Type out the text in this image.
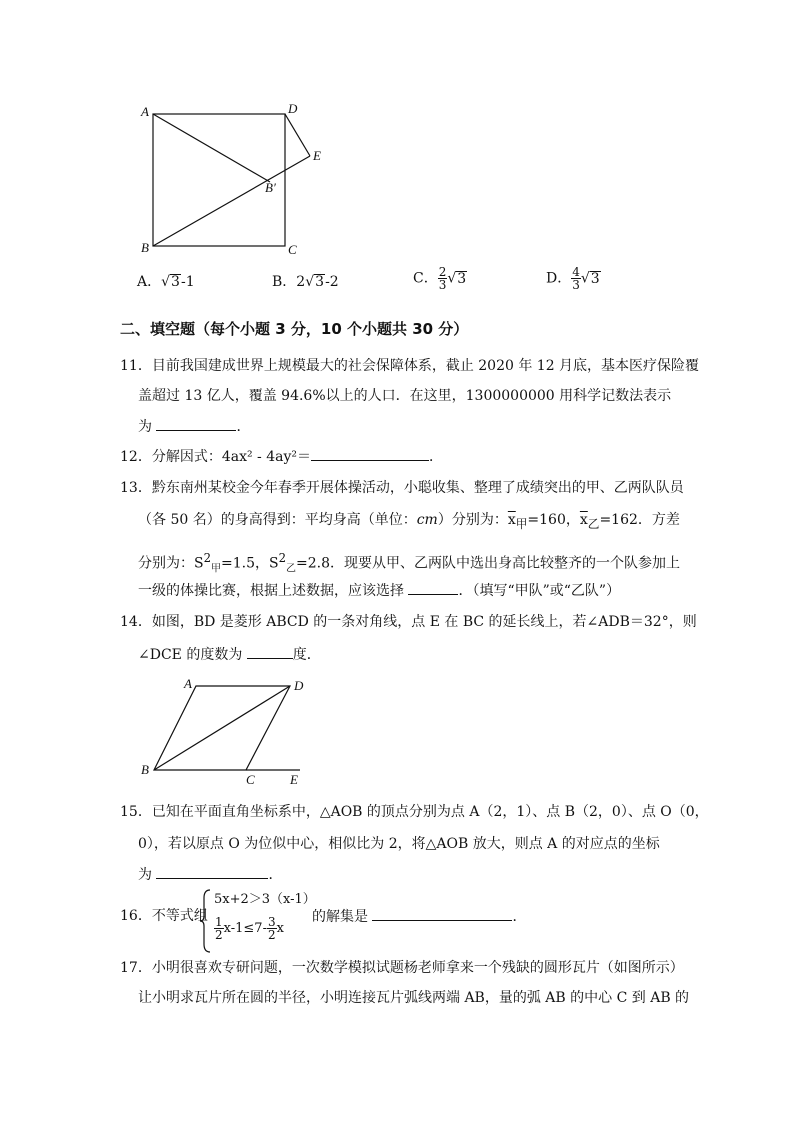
A	D
E
B′
B	C
A．√3-1	B．2√3-2	C． $\frac{2}{3} √3$	D． $\frac{4}{3} √3$
二、填空题（每个小题 3 分，10 个小题共 30 分）
11．目前我国建成世界上规模最大的社会保障体系，截止 2020 年 12 月底，基本医疗保险覆
盖超过 13 亿人，覆盖 94.6%以上的人口．在这里，1300000000 用科学记数法表示
为	．
12．分解因式：4ax² - 4ay²＝	．
13．黔东南州某校金今年春季开展体操活动，小聪收集、整理了成绩突出的甲、乙两队队员
（各 50 名）的身高得到：平均身高（单位：cm）分别为：$\overline{x}_甲=160$，$\overline{x}_乙=162$．方差
分别为：$S^2_甲=1.5$，$S^2_乙=2.8$．现要从甲、乙两队中选出身高比较整齐的一个队参加上
一级的体操比赛，根据上述数据，应该选择	．（填写“甲队”或“乙队”）
14．如图，BD 是菱形 ABCD 的一条对角线，点 E 在 BC 的延长线上，若∠ADB＝32°，则
∠DCE 的度数为	度．
A	D
B
C	E
15．已知在平面直角坐标系中，△AOB 的顶点分别为点 A（2，1）、点 B（2，0）、点 O（0，
0），若以原点 O 为位似中心，相似比为 2，将△AOB 放大，则点 A 的对应点的坐标
为	．
16．不等式组
5x+2＞3（x-1）
$\frac{1}{2} x-1\le 7- \frac{3}{2}$ x
的解集是	．
17．小明很喜欢专研问题，一次数学模拟试题杨老师拿来一个残缺的圆形瓦片（如图所示）
让小明求瓦片所在圆的半径，小明连接瓦片弧线两端 AB，量的弧 AB 的中心 C 到 AB 的
